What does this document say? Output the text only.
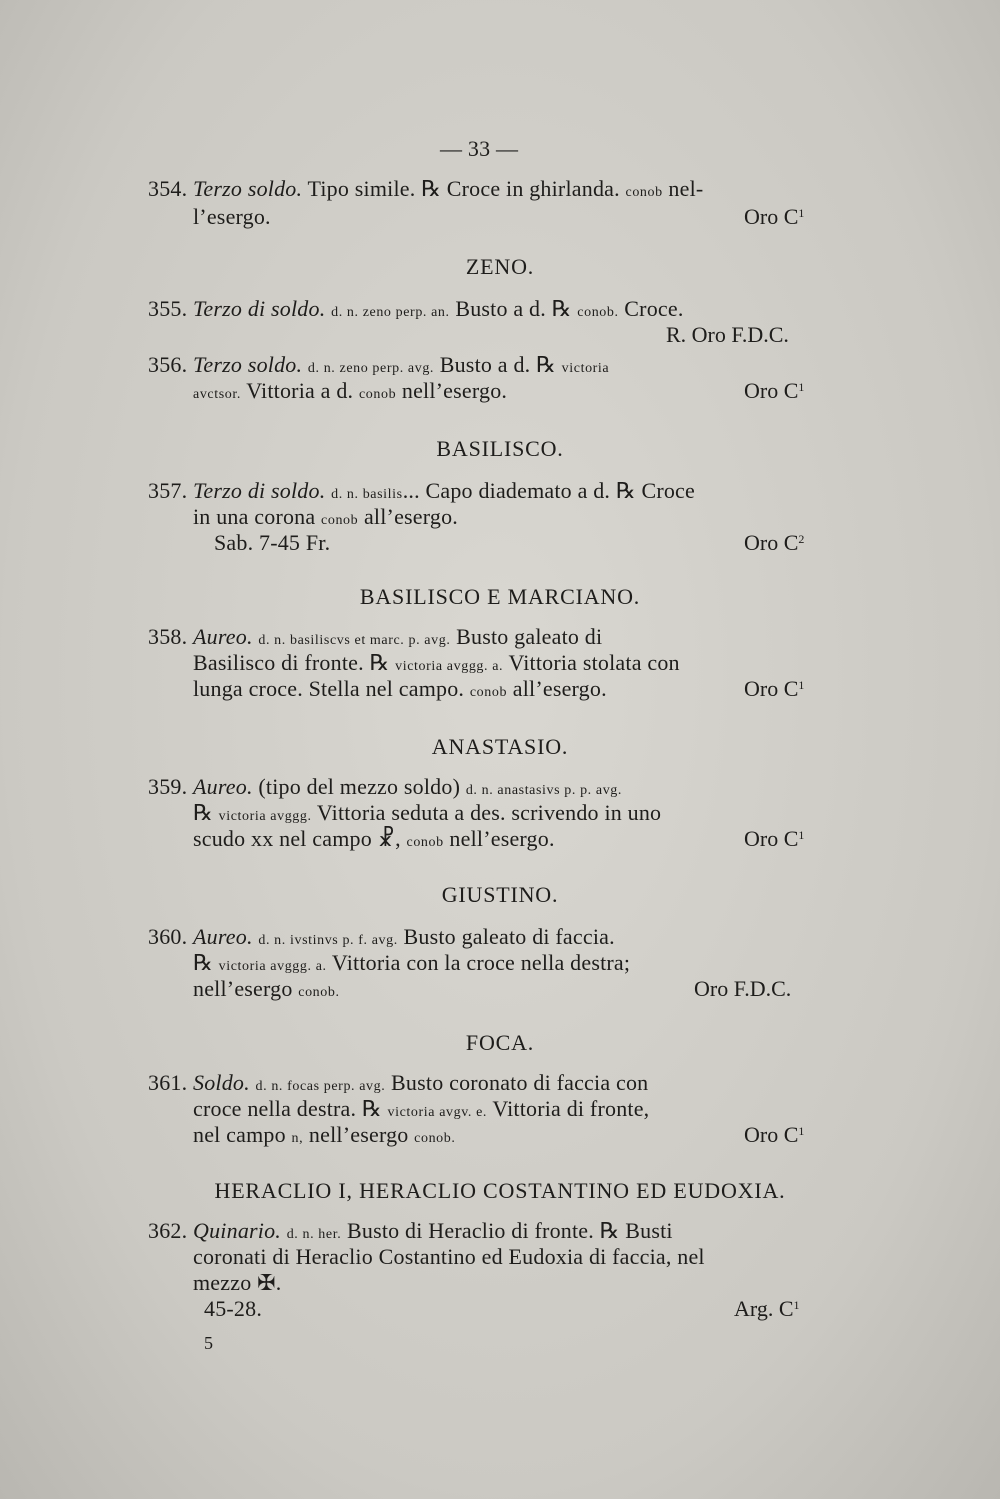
— 33 —
354. Terzo soldo. Tipo simile. ℞ Croce in ghirlanda. conob nel-
l’esergo.	Oro $C^1$
ZENO.
355. Terzo di soldo. d. n. zeno perp. an. Busto a d. ℞ conob. Croce.
R. Oro F.D.C.
356. Terzo soldo. d. n. zeno perp. avg. Busto a d. ℞ victoria
avctsor. Vittoria a d. conob nell’esergo.	Oro $C^1$
BASILISCO.
357. Terzo di soldo. d. n. basilis... Capo diademato a d. ℞ Croce
in una corona conob all’esergo.
Sab. 7-45 Fr.	Oro $C^2$
BASILISCO E MARCIANO.
358. Aureo. d. n. basiliscvs et marc. p. avg. Busto galeato di
Basilisco di fronte. ℞ victoria avggg. a. Vittoria stolata con
lunga croce. Stella nel campo. conob all’esergo.	Oro $C^1$
ANASTASIO.
359. Aureo. (tipo del mezzo soldo) d. n. anastasivs p. p. avg.
℞ victoria avggg. Vittoria seduta a des. scrivendo in uno
scudo xx nel campo ☧, conob nell’esergo.	Oro $C^1$
GIUSTINO.
360. Aureo. d. n. ivstinvs p. f. avg. Busto galeato di faccia.
℞ victoria avggg. a. Vittoria con la croce nella destra;
nell’esergo conob.	Oro F.D.C.
FOCA.
361. Soldo. d. n. focas perp. avg. Busto coronato di faccia con
croce nella destra. ℞ victoria avgv. e. Vittoria di fronte,
nel campo n, nell’esergo conob.	Oro $C^1$
HERACLIO I, HERACLIO COSTANTINO ED EUDOXIA.
362. Quinario. d. n. her. Busto di Heraclio di fronte. ℞ Busti
coronati di Heraclio Costantino ed Eudoxia di faccia, nel
mezzo ✠.
45-28.	Arg. $C^1$
5
